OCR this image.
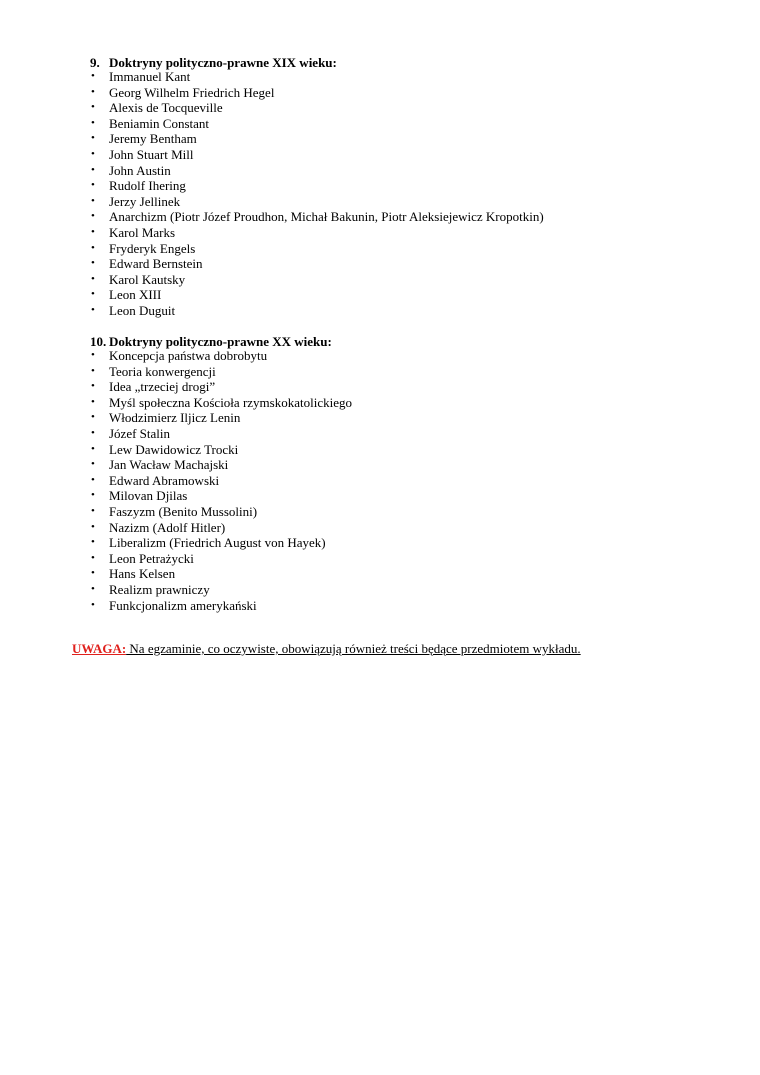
9. Doktryny polityczno-prawne XIX wieku:
• Immanuel Kant
• Georg Wilhelm Friedrich Hegel
• Alexis de Tocqueville
• Beniamin Constant
• Jeremy Bentham
• John Stuart Mill
• John Austin
• Rudolf Ihering
• Jerzy Jellinek
• Anarchizm (Piotr Józef Proudhon, Michał Bakunin, Piotr Aleksiejewicz Kropotkin)
• Karol Marks
• Fryderyk Engels
• Edward Bernstein
• Karol Kautsky
• Leon XIII
• Leon Duguit
10. Doktryny polityczno-prawne XX wieku:
• Koncepcja państwa dobrobytu
• Teoria konwergencji
• Idea „trzeciej drogi”
• Myśl społeczna Kościoła rzymskokatolickiego
• Włodzimierz Iljicz Lenin
• Józef Stalin
• Lew Dawidowicz Trocki
• Jan Wacław Machajski
• Edward Abramowski
• Milovan Djilas
• Faszyzm (Benito Mussolini)
• Nazizm (Adolf Hitler)
• Liberalizm (Friedrich August von Hayek)
• Leon Petrażycki
• Hans Kelsen
• Realizm prawniczy
• Funkcjonalizm amerykański
UWAGA: Na egzaminie, co oczywiste, obowiązują również treści będące przedmiotem wykładu.
